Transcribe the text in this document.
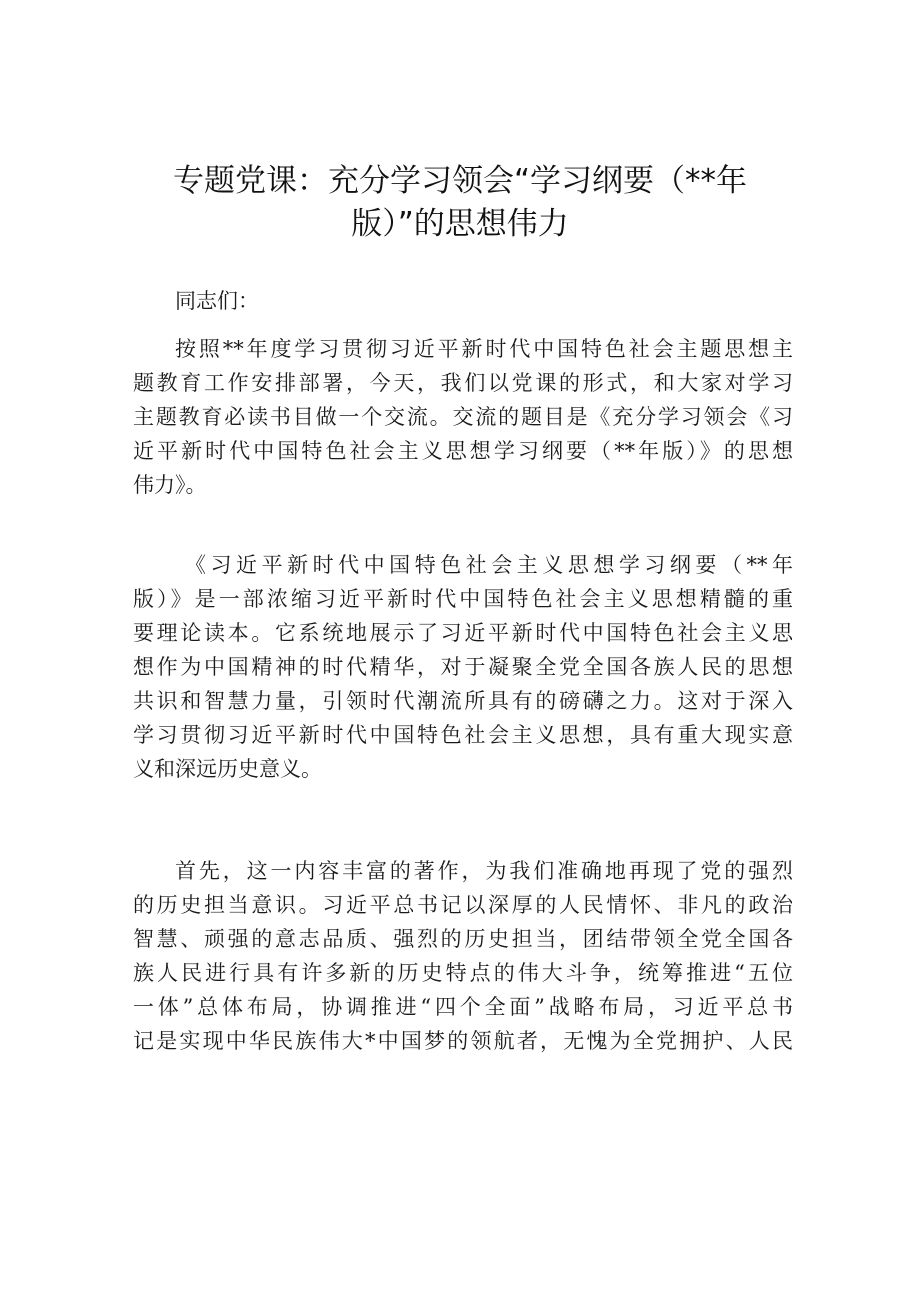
专题党课：充分学习领会“学习纲要（**年
版）”的思想伟力
同志们：
按照**年度学习贯彻习近平新时代中国特色社会主题思想主
题教育工作安排部署，今天，我们以党课的形式，和大家对学习
主题教育必读书目做一个交流。交流的题目是《充分学习领会《习
近平新时代中国特色社会主义思想学习纲要（**年版）》的思想
伟力》。
《习近平新时代中国特色社会主义思想学习纲要（**年
版）》是一部浓缩习近平新时代中国特色社会主义思想精髓的重
要理论读本。它系统地展示了习近平新时代中国特色社会主义思
想作为中国精神的时代精华，对于凝聚全党全国各族人民的思想
共识和智慧力量，引领时代潮流所具有的磅礴之力。这对于深入
学习贯彻习近平新时代中国特色社会主义思想，具有重大现实意
义和深远历史意义。
首先，这一内容丰富的著作，为我们准确地再现了党的强烈
的历史担当意识。习近平总书记以深厚的人民情怀、非凡的政治
智慧、顽强的意志品质、强烈的历史担当，团结带领全党全国各
族人民进行具有许多新的历史特点的伟大斗争，统筹推进“五位
一体”总体布局，协调推进“四个全面”战略布局，习近平总书
记是实现中华民族伟大*中国梦的领航者，无愧为全党拥护、人民
